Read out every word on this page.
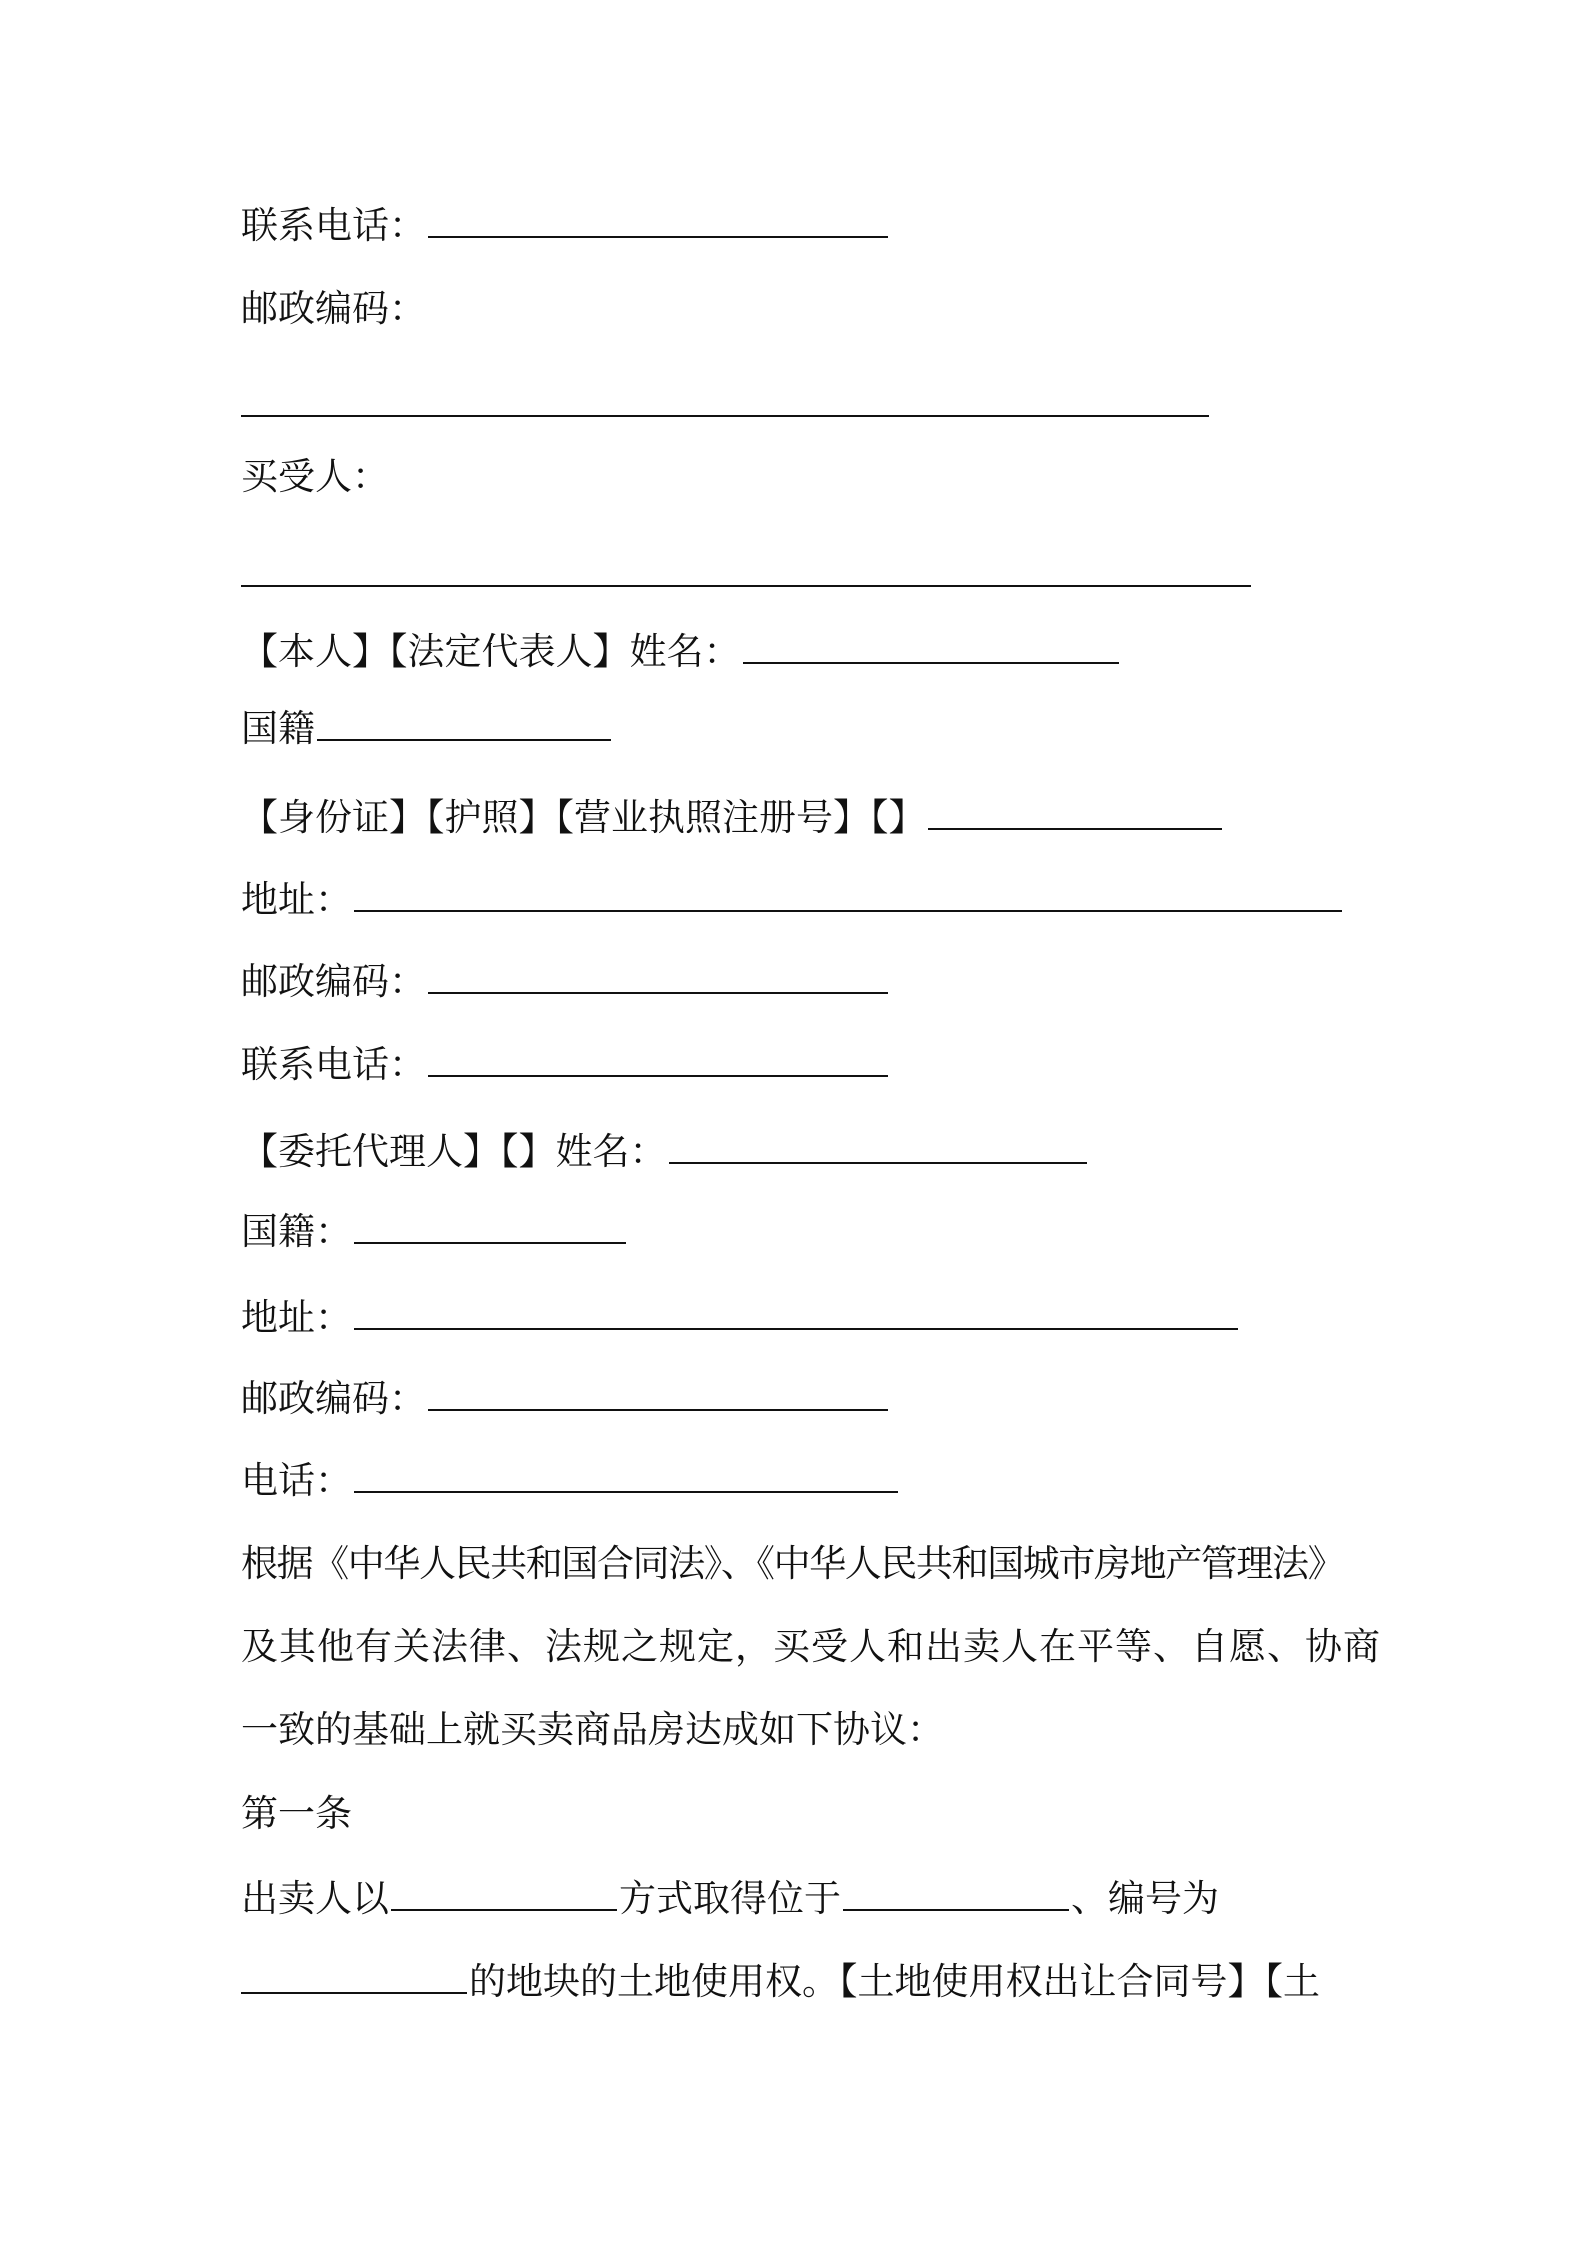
联系电话：
邮政编码：
买受人：
【本人】【法定代表人】姓名：
国籍
【身份证】【护照】【营业执照注册号】【】
地址：
邮政编码：
联系电话：
【委托代理人】【】姓名：
国籍：
地址：
邮政编码：
电话：
根据《中华人民共和国合同法》、《中华人民共和国城市房地产管理法》
及其他有关法律、法规之规定，买受人和出卖人在平等、自愿、协商
一致的基础上就买卖商品房达成如下协议：
第一条
出卖人以	方式取得位于	、编号为
的地块的土地使用权。【土地使用权出让合同号】【土
